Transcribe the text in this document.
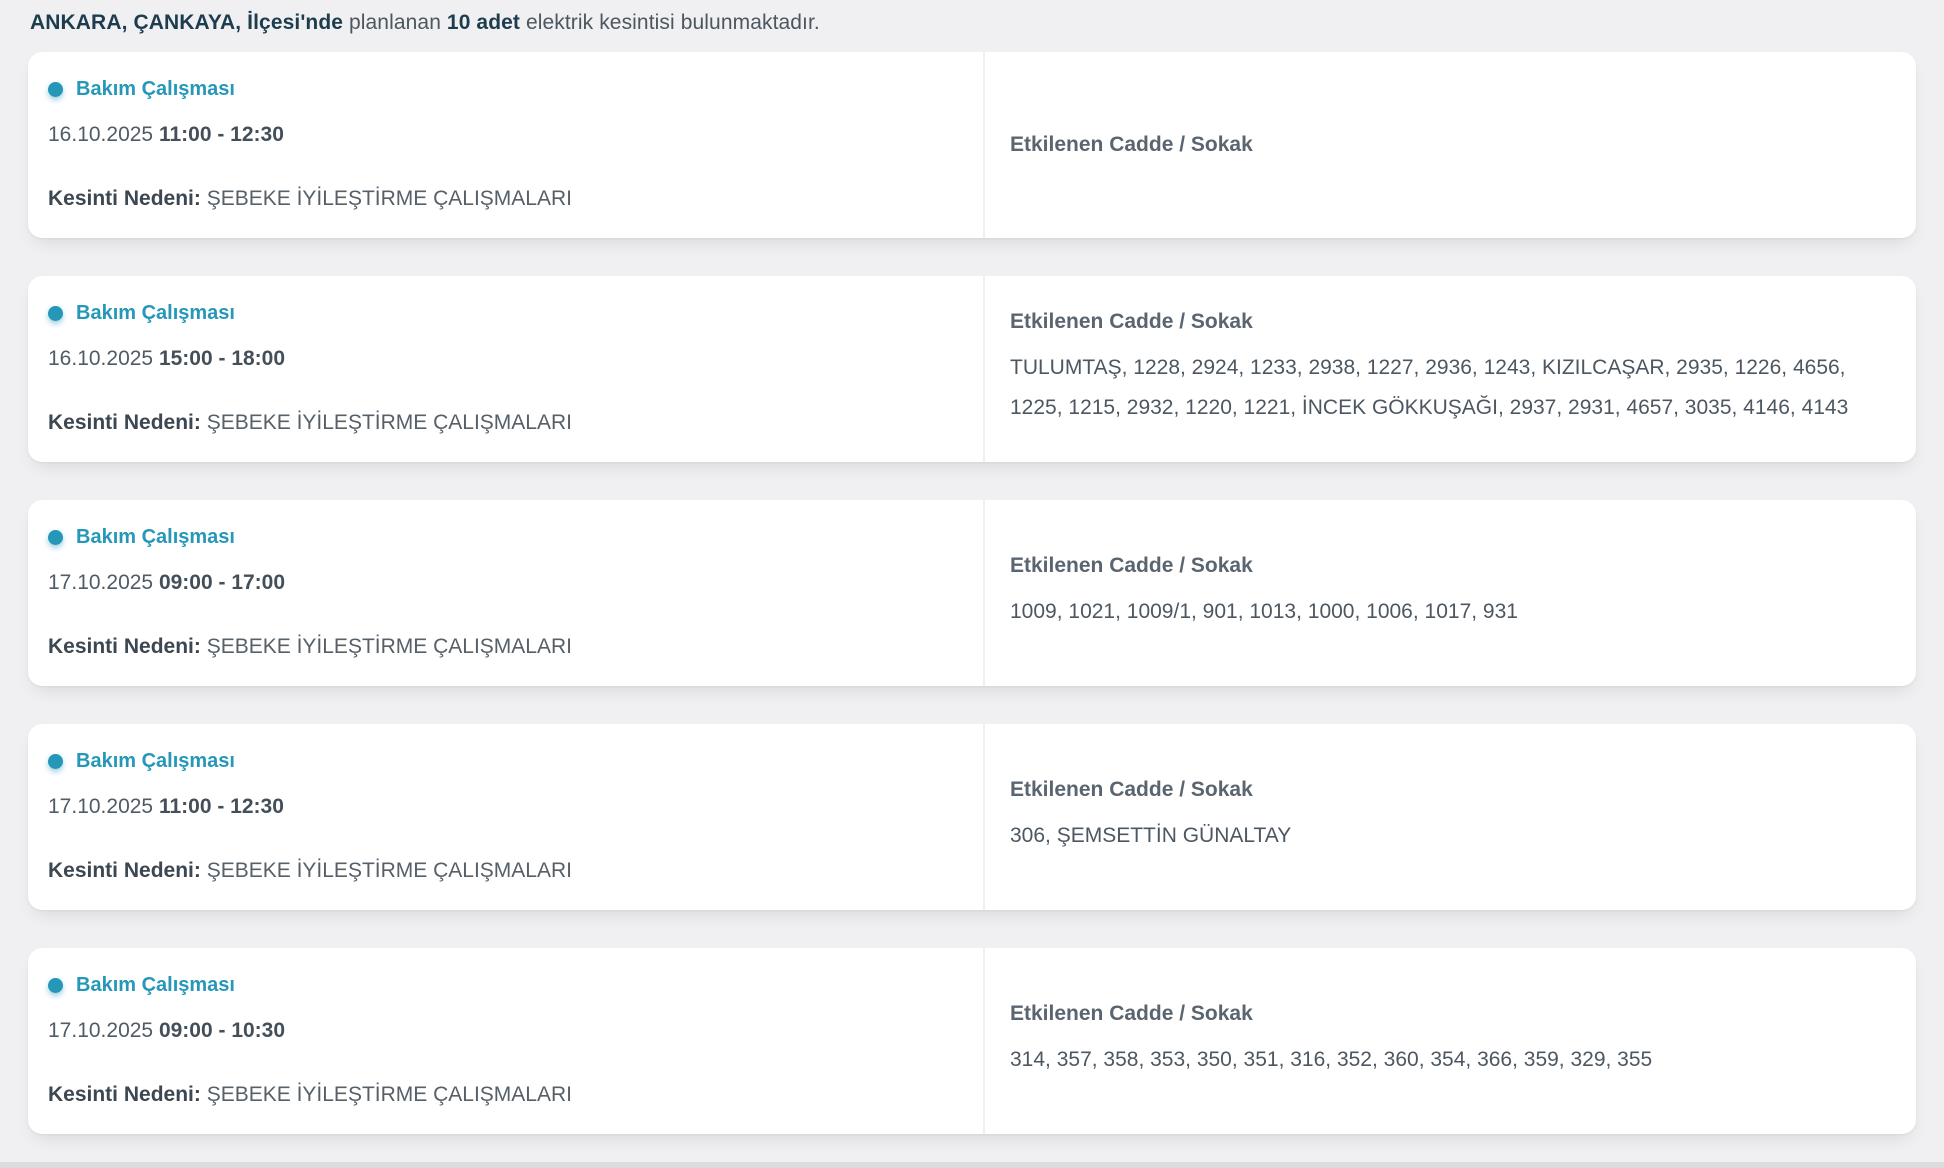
ANKARA, ÇANKAYA, İlçesi'nde planlanan 10 adet elektrik kesintisi bulunmaktadır.
Bakım Çalışması
16.10.2025 11:00 - 12:30
Kesinti Nedeni: ŞEBEKE İYİLEŞTİRME ÇALIŞMALARI
Etkilenen Cadde / Sokak
Bakım Çalışması
16.10.2025 15:00 - 18:00
Kesinti Nedeni: ŞEBEKE İYİLEŞTİRME ÇALIŞMALARI
Etkilenen Cadde / Sokak
TULUMTAŞ, 1228, 2924, 1233, 2938, 1227, 2936, 1243, KIZILCAŞAR, 2935, 1226, 4656, 1225, 1215, 2932, 1220, 1221, İNCEK GÖKKUŞAĞI, 2937, 2931, 4657, 3035, 4146, 4143
Bakım Çalışması
17.10.2025 09:00 - 17:00
Kesinti Nedeni: ŞEBEKE İYİLEŞTİRME ÇALIŞMALARI
Etkilenen Cadde / Sokak
1009, 1021, 1009/1, 901, 1013, 1000, 1006, 1017, 931
Bakım Çalışması
17.10.2025 11:00 - 12:30
Kesinti Nedeni: ŞEBEKE İYİLEŞTİRME ÇALIŞMALARI
Etkilenen Cadde / Sokak
306, ŞEMSETTİN GÜNALTAY
Bakım Çalışması
17.10.2025 09:00 - 10:30
Kesinti Nedeni: ŞEBEKE İYİLEŞTİRME ÇALIŞMALARI
Etkilenen Cadde / Sokak
314, 357, 358, 353, 350, 351, 316, 352, 360, 354, 366, 359, 329, 355
